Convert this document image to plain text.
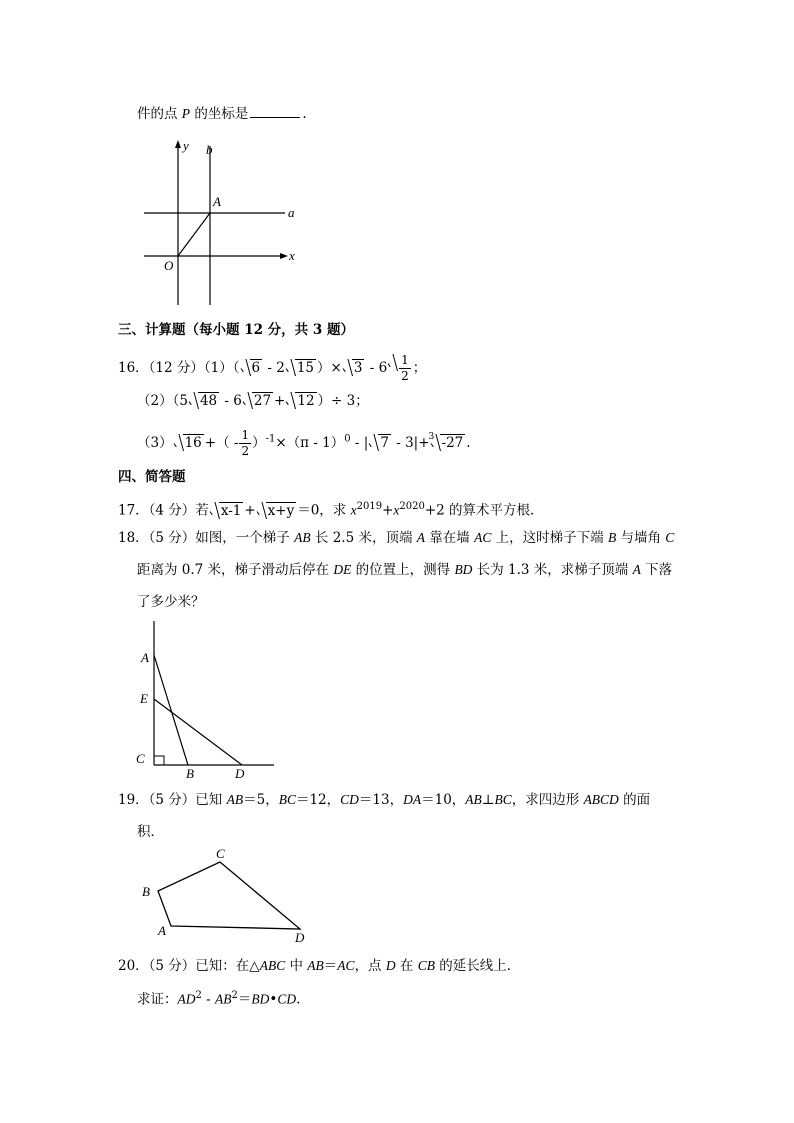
件的点 P 的坐标是	.
y b
a
A
O
x
三、计算题（每小题 12 分，共 3 题）
16．（12 分）（1）（ 6 - 2 15 ）× $3 - 6 \frac{1}{2}$ ；
（2）（5 48 - 6 27 + 12 ）÷ 3；
（3） 16 +（ - $\frac{1}{2} )^{-1}\times(\pi - 1)^0$ - | 7 - 3|+ 3 -27 .
四、简答题
17．（4 分）若 x-1 + x+y ＝0，求 $x^{2019}+x^{2020}+2$ 的算术平方根．
18．（5 分）如图，一个梯子 AB 长 2.5 米，顶端 A 靠在墙 AC 上，这时梯子下端 B 与墙角 C
距离为 0.7 米，梯子滑动后停在 DE 的位置上，测得 BD 长为 1.3 米，求梯子顶端 A 下落
了多少米？
A
E
C
B	D
19．（5 分）已知 AB＝5，BC＝12，CD＝13，DA＝10，AB⊥BC，求四边形 ABCD 的面
积．
C
B
A	D
20．（5 分）已知：在△ABC 中 AB＝AC，点 D 在 CB 的延长线上．
求证：$AD^2$ - $AB^2=BD•CD$.
